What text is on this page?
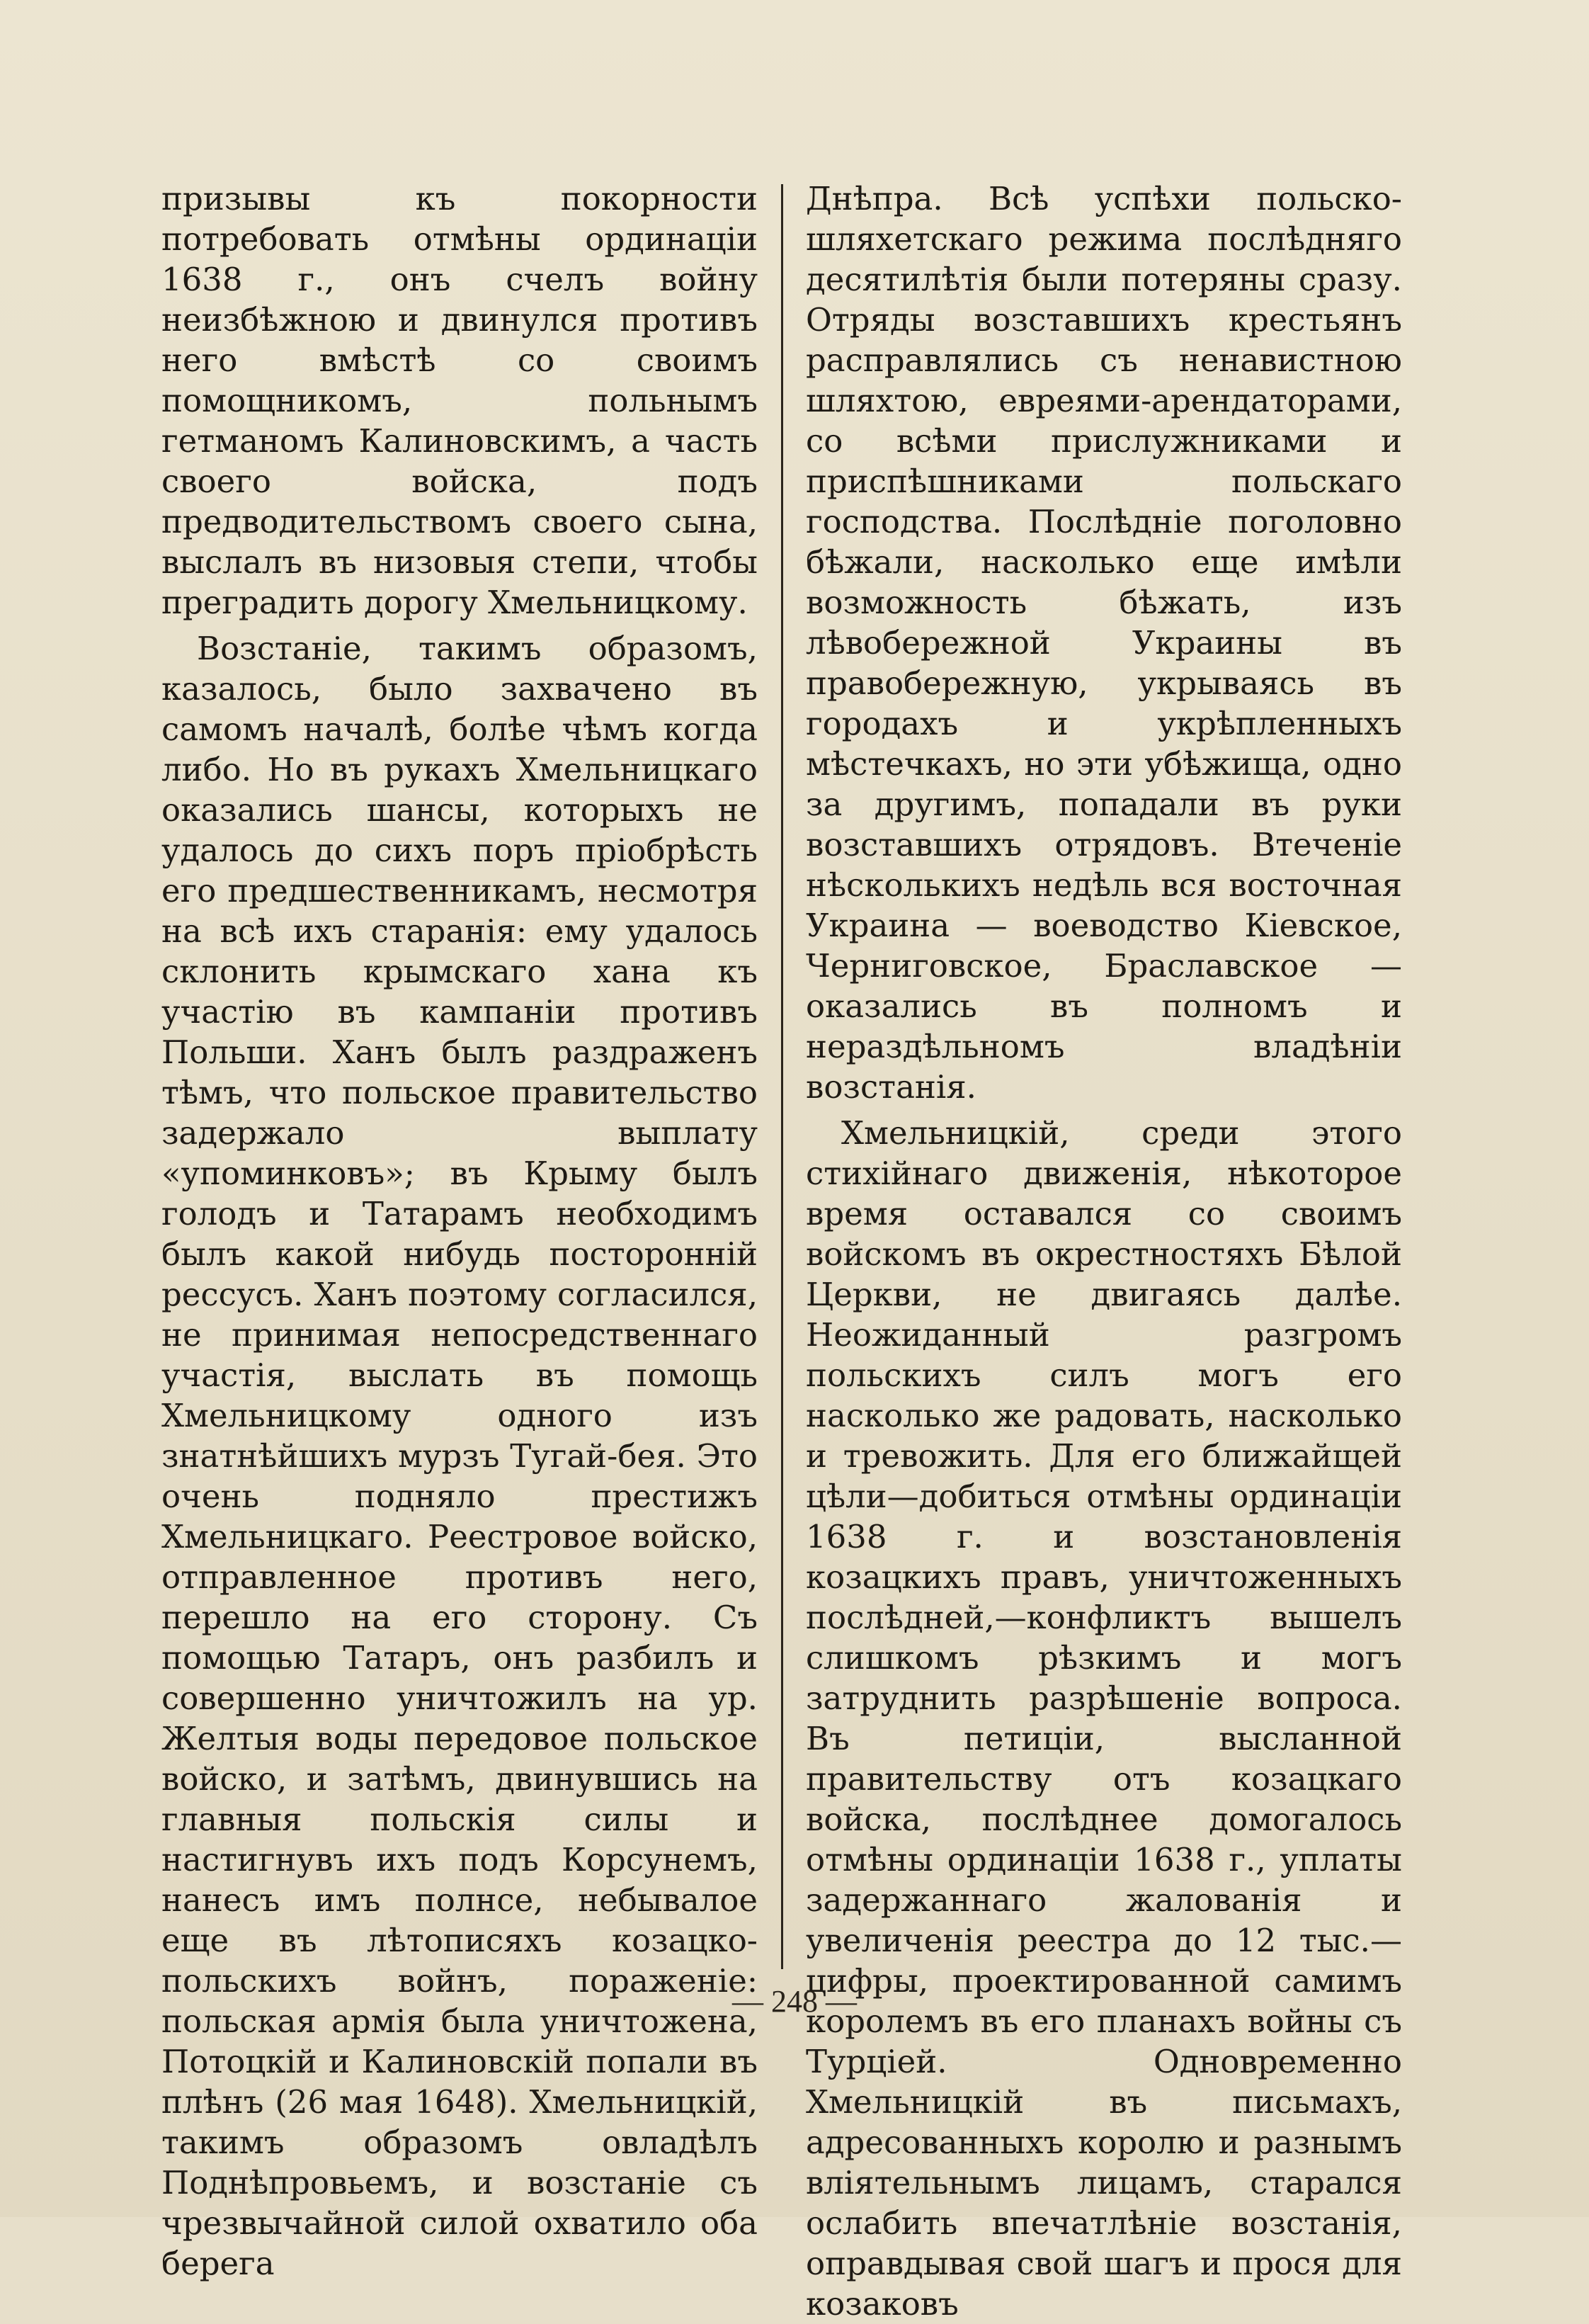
призывы къ покорности потребовать отмѣны ординаціи 1638 г., онъ счелъ войну неизбѣжною и двинулся противъ него вмѣстѣ со своимъ помощникомъ, польнымъ гетманомъ Калиновскимъ, а часть своего войска, подъ предводительствомъ своего сына, выслалъ въ низовыя степи, чтобы преградить дорогу Хмельницкому.

Возстаніе, такимъ образомъ, казалось, было захвачено въ самомъ началѣ, болѣе чѣмъ когда либо. Но въ рукахъ Хмельницкаго оказались шансы, которыхъ не удалось до сихъ поръ пріобрѣсть его предшественникамъ, несмотря на всѣ ихъ старанія: ему удалось склонить крымскаго хана къ участію въ кампаніи противъ Польши. Ханъ былъ раздраженъ тѣмъ, что польское правительство задержало выплату «упоминковъ»; въ Крыму былъ голодъ и Татарамъ необходимъ былъ какой нибудь посторонній рессусъ. Ханъ поэтому согласился, не принимая непосредственнаго участія, выслать въ помощь Хмельницкому одного изъ знатнѣйшихъ мурзъ Тугай-бея. Это очень подняло престижъ Хмельницкаго. Реестровое войско, отправленное противъ него, перешло на его сторону. Съ помощью Татаръ, онъ разбилъ и совершенно уничтожилъ на ур. Желтыя воды передовое польское войско, и затѣмъ, двинувшись на главныя польскія силы и настигнувъ ихъ подъ Корсунемъ, нанесъ имъ полнсе, небывалое еще въ лѣтописяхъ козацко-польскихъ войнъ, пораженіе: польская армія была уничтожена, Потоцкій и Калиновскій попали въ плѣнъ (26 мая 1648). Хмельницкій, такимъ образомъ овладѣлъ Поднѣпровьемъ, и возстаніе съ чрезвычайной силой охватило оба берега

Днѣпра. Всѣ успѣхи польско-шляхетскаго режима послѣдняго десятилѣтія были потеряны сразу. Отряды возставшихъ крестьянъ расправлялись съ ненавистною шляхтою, евреями-арендаторами, со всѣми прислужниками и приспѣшниками польскаго господства. Послѣдніе поголовно бѣжали, насколько еще имѣли возможность бѣжать, изъ лѣвобережной Украины въ правобережную, укрываясь въ городахъ и укрѣпленныхъ мѣстечкахъ, но эти убѣжища, одно за другимъ, попадали въ руки возставшихъ отрядовъ. Втеченіе нѣсколькихъ недѣль вся восточная Украина — воеводство Кіевское, Черниговское, Браславское — оказались въ полномъ и нераздѣльномъ владѣніи возстанія.

Хмельницкій, среди этого стихійнаго движенія, нѣкоторое время оставался со своимъ войскомъ въ окрестностяхъ Бѣлой Церкви, не двигаясь далѣе. Неожиданный разгромъ польскихъ силъ могъ его насколько же радовать, насколько и тревожить. Для его ближайщей цѣли—добиться отмѣны ординаціи 1638 г. и возстановленія козацкихъ правъ, уничтоженныхъ послѣдней,—конфликтъ вышелъ слишкомъ рѣзкимъ и могъ затруднить разрѣшеніе вопроса. Въ петиціи, высланной правительству отъ козацкаго войска, послѣднее домогалось отмѣны ординаціи 1638 г., уплаты задержаннаго жалованія и увеличенія реестра до 12 тыс.—цифры, проектированной самимъ королемъ въ его планахъ войны съ Турціей. Одновременно Хмельницкій въ письмахъ, адресованныхъ королю и разнымъ вліятельнымъ лицамъ, старался ослабить впечатлѣніе возстанія, оправдывая свой шагъ и прося для козаковъ

— 248 —
